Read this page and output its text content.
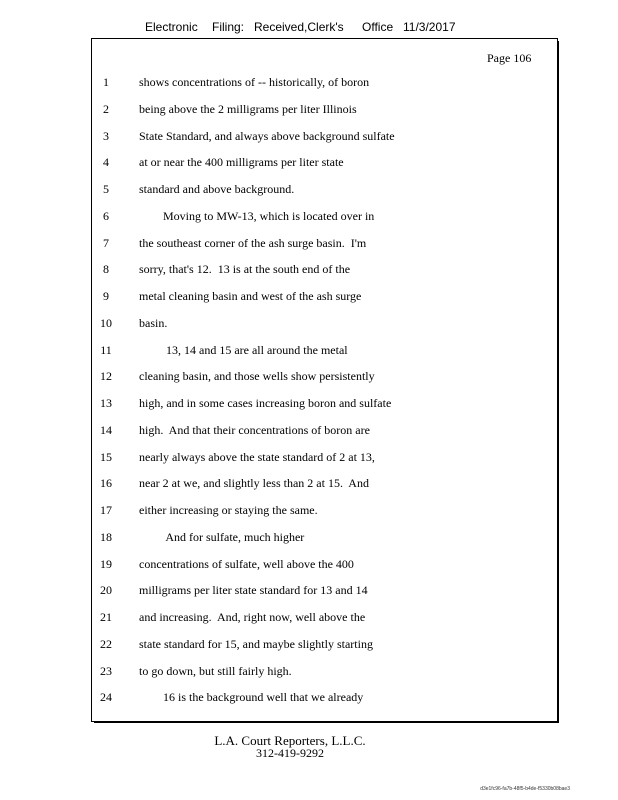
Electronic Filing: Received,Clerk's Office 11/3/2017
Page 106
1	shows concentrations of -- historically, of boron
2	being above the 2 milligrams per liter Illinois
3	State Standard, and always above background sulfate
4	at or near the 400 milligrams per liter state
5	standard and above background.
6	Moving to MW-13, which is located over in
7	the southeast corner of the ash surge basin.  I'm
8	sorry, that's 12.  13 is at the south end of the
9	metal cleaning basin and west of the ash surge
10	basin.
11	13, 14 and 15 are all around the metal
12	cleaning basin, and those wells show persistently
13	high, and in some cases increasing boron and sulfate
14	high.  And that their concentrations of boron are
15	nearly always above the state standard of 2 at 13,
16	near 2 at we, and slightly less than 2 at 15.  And
17	either increasing or staying the same.
18	And for sulfate, much higher
19	concentrations of sulfate, well above the 400
20	milligrams per liter state standard for 13 and 14
21	and increasing.  And, right now, well above the
22	state standard for 15, and maybe slightly starting
23	to go down, but still fairly high.
24	16 is the background well that we already
L.A. Court Reporters, L.L.C.
312-419-9292
d3e1fc96-fa7b-48f5-b4de-f5330b08bae3
